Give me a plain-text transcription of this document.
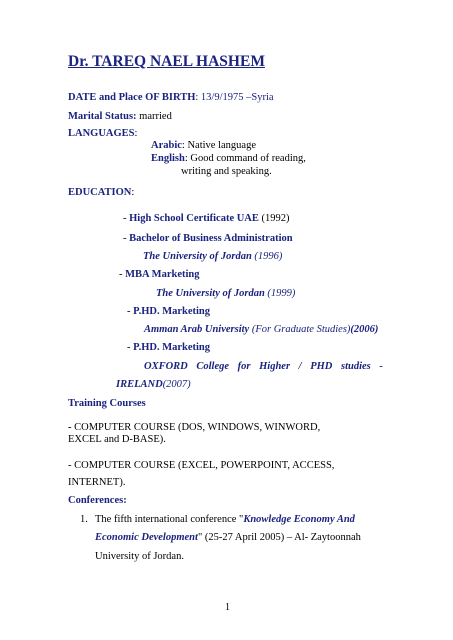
Dr. TAREQ NAEL HASHEM
DATE and Place OF BIRTH: 13/9/1975 –Syria
Marital Status: married
LANGUAGES:
Arabic: Native language
English: Good command of reading,
writing and speaking.
EDUCATION:
- High School Certificate UAE (1992)
- Bachelor of Business Administration
The University of Jordan (1996)
- MBA Marketing
The University of Jordan (1999)
- P.HD. Marketing
Amman Arab University (For Graduate Studies)(2006)
- P.HD. Marketing
OXFORD College for Higher / PHD studies -
IRELAND(2007)
Training Courses
- COMPUTER COURSE (DOS, WINDOWS, WINWORD,
EXCEL and D-BASE).
- COMPUTER COURSE (EXCEL, POWERPOINT, ACCESS,
INTERNET).
Conferences:
1. The fifth international conference "Knowledge Economy And
Economic Development" (25-27 April 2005) – Al- Zaytoonnah
University of Jordan.
1
